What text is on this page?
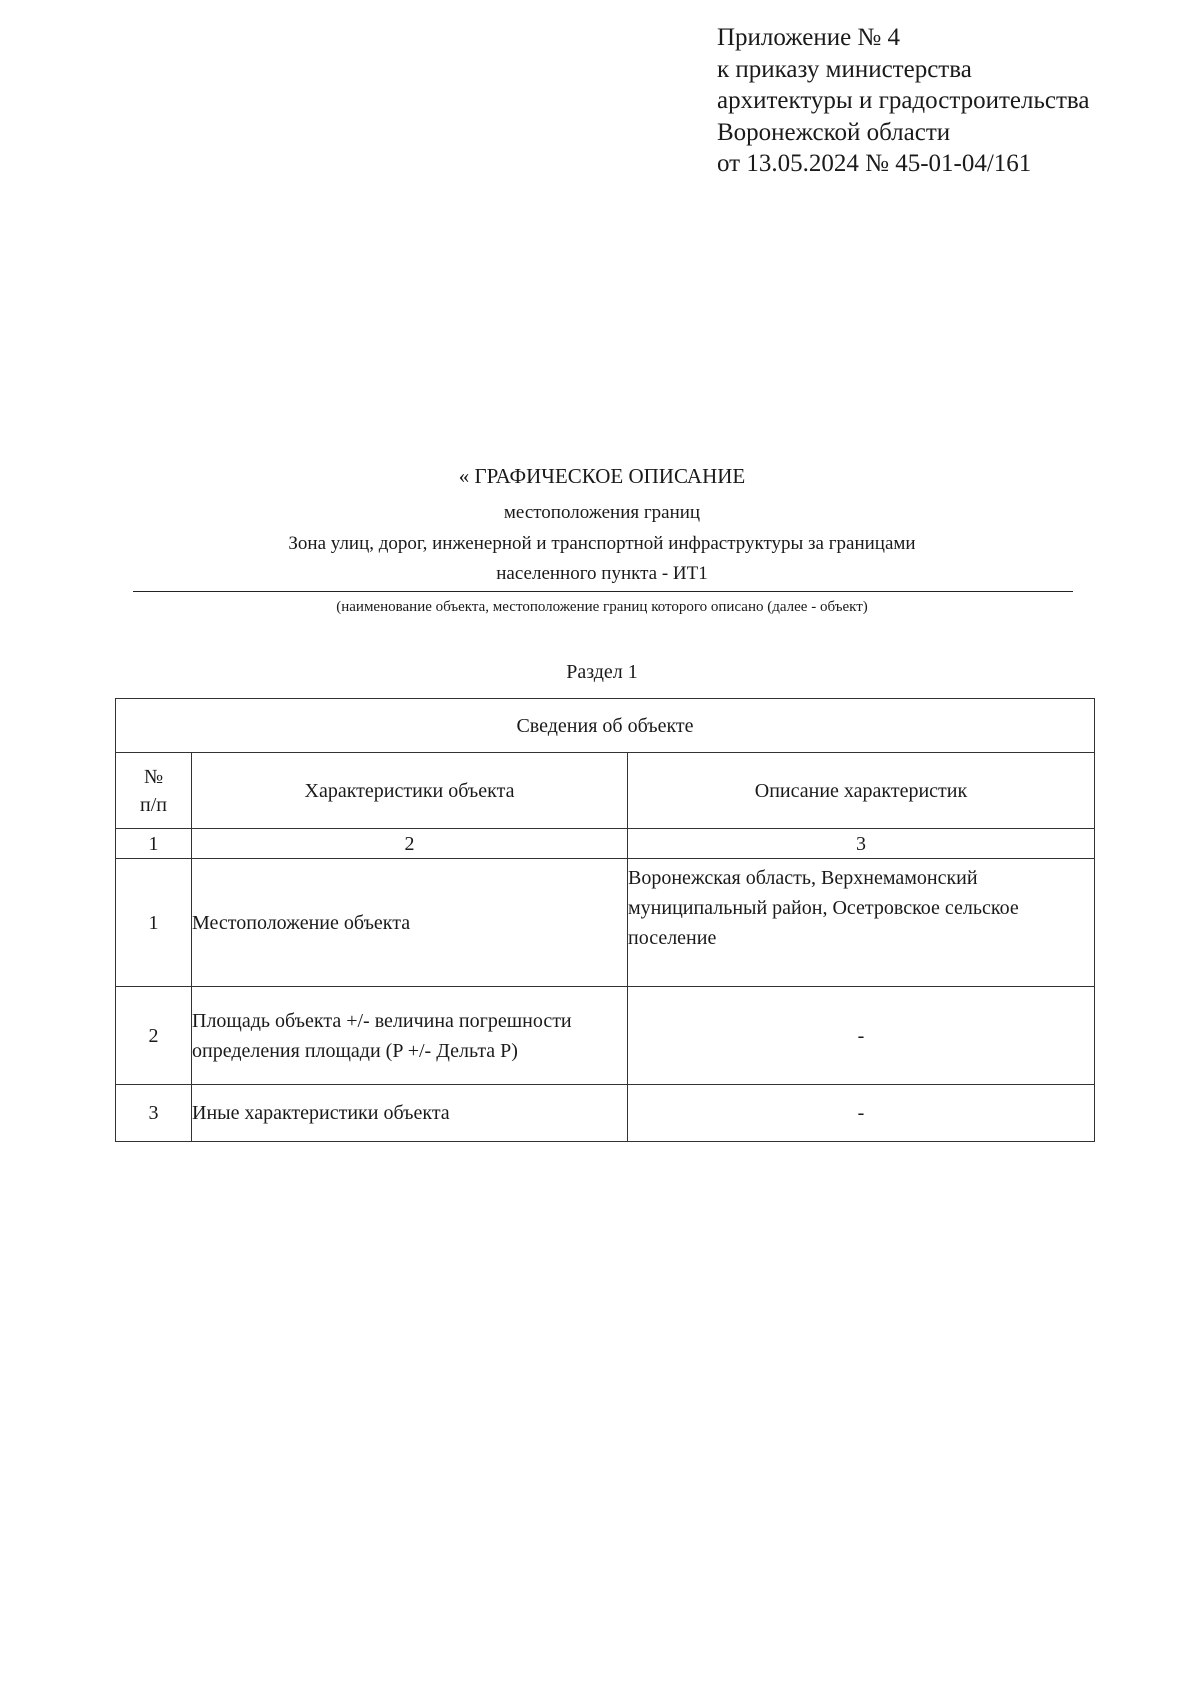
Приложение № 4
к приказу министерства
архитектуры и градостроительства
Воронежской области
от 13.05.2024 № 45-01-04/161
« ГРАФИЧЕСКОЕ ОПИСАНИЕ
местоположения границ
Зона улиц, дорог, инженерной и транспортной инфраструктуры за границами
населенного пункта - ИТ1
(наименование объекта, местоположение границ которого описано (далее - объект)
Раздел 1
Сведения об объекте		

№
п/п	Характеристики объекта	Описание характеристик
1	2	3
1	Местоположение объекта	Воронежская область, Верхнемамонский муниципальный район, Осетровское сельское поселение
2	Площадь объекта +/- величина погрешности определения площади (P +/- Дельта P)	-
3	Иные характеристики объекта	-
